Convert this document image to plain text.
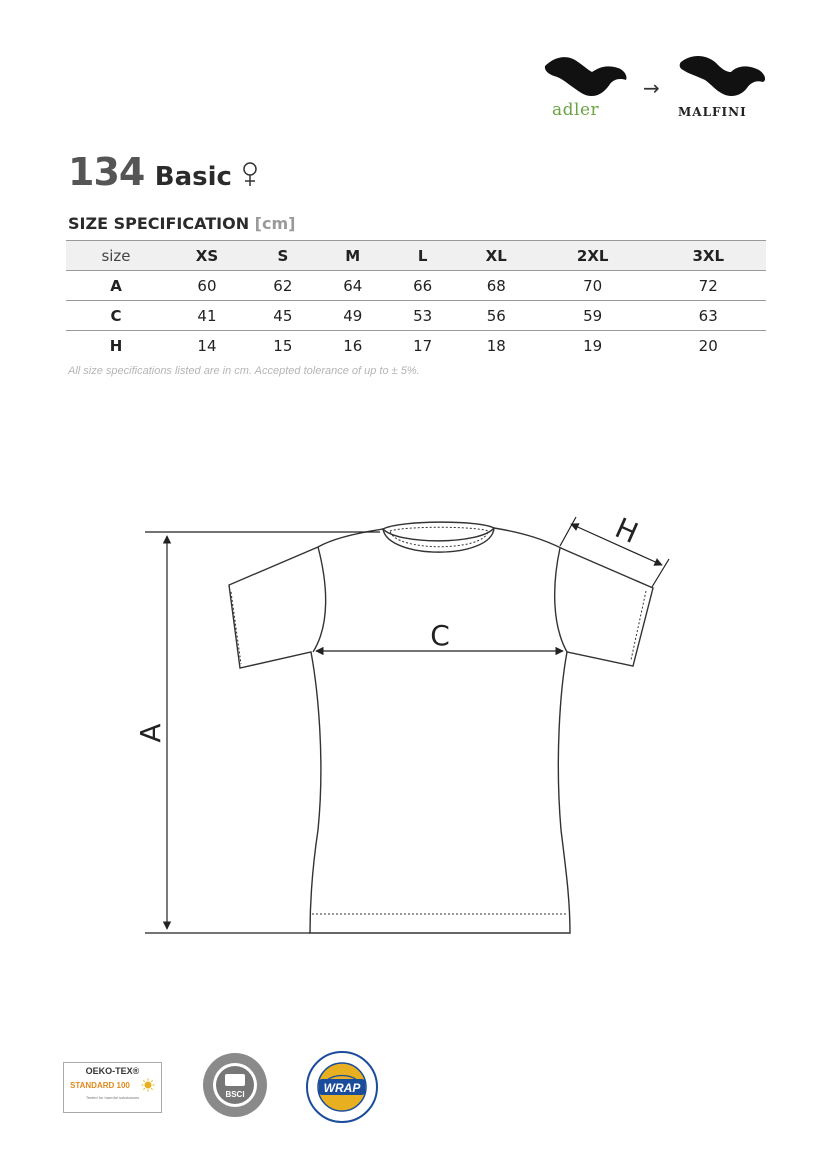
adler
→
MALFINI
134 Basic
SIZE SPECIFICATION [cm]
size	XS	S	M	L	XL	2XL	3XL
A	60	62	64	66	68	70	72
C	41	45	49	53	56	59	63
H	14	15	16	17	18	19	20
All size specifications listed are in cm. Accepted tolerance of up to ± 5%.
A
C
H
OEKO-TEX®
STANDARD 100
Tested for harmful substances	BSCI	WRAP
